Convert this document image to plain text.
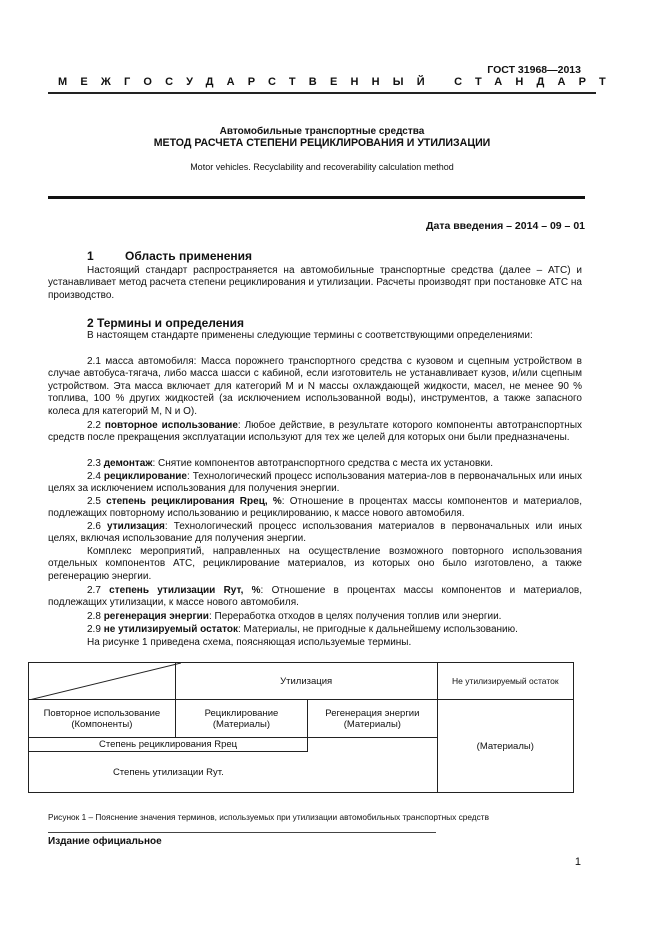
ГОСТ 31968—2013
МЕЖГОСУДАРСТВЕННЫЙ СТАНДАРТ
Автомобильные транспортные средства
МЕТОД РАСЧЕТА СТЕПЕНИ РЕЦИКЛИРОВАНИЯ И УТИЛИЗАЦИИ
Motor vehicles. Recyclability and recoverability calculation method
Дата введения – 2014 – 09 – 01
1	Область применения
Настоящий стандарт распространяется на автомобильные транспортные средства (далее – АТС) и устанавливает метод расчета степени рециклирования и утилизации. Расчеты производят при постановке АТС на производство.
2 Термины и определения
В настоящем стандарте применены следующие термины с соответствующими определениями:
2.1 масса автомобиля: Масса порожнего транспортного средства с кузовом и сцепным устройством в случае автобуса-тягача, либо масса шасси с кабиной, если изготовитель не устанавливает кузов, и/или сцепным устройством. Эта масса включает для категорий M и N массы охлаждающей жидкости, масел, не менее 90 % топлива, 100 % других жидкостей (за исключением использованной воды), инструментов, а также запасного колеса для категорий M, N и O).
2.2 повторное использование: Любое действие, в результате которого компоненты автотранспортных средств после прекращения эксплуатации используют для тех же целей для которых они были предназначены.
2.3 демонтаж: Снятие компонентов автотранспортного средства с места их установки.
2.4 рециклирование: Технологический процесс использования материа-лов в первоначальных или иных целях за исключением использования для получения энергии.
2.5 степень рециклирования Rрец, %: Отношение в процентах массы компонентов и материалов, подлежащих повторному использованию и рециклированию, к массе нового автомобиля.
2.6 утилизация: Технологический процесс использования материалов в первоначальных или иных целях, включая использование для получения энергии.
Комплекс мероприятий, направленных на осуществление возможного повторного использования отдельных компонентов АТС, рециклирование материалов, из которых оно было изготовлено, а также регенерацию энергии.
2.7 степень утилизации Rут, %: Отношение в процентах массы компонентов и материалов, подлежащих утилизации, к массе нового автомобиля.
2.8 регенерация энергии: Переработка отходов в целях получения топлив или энергии.
2.9 не утилизируемый остаток: Материалы, не пригодные к дальнейшему использованию.
На рисунке 1 приведена схема, поясняющая используемые термины.
	Утилизация		Не утилизируемый остаток
Повторное использование (Компоненты)	Рециклирование (Материалы)	Регенерация энергии (Материалы)	(Материалы)
Степень рециклирования Rрец			
Степень утилизации Rут.			
Рисунок 1 – Пояснение значения терминов, используемых при утилизации автомобильных транспортных средств
Издание официальное
1
